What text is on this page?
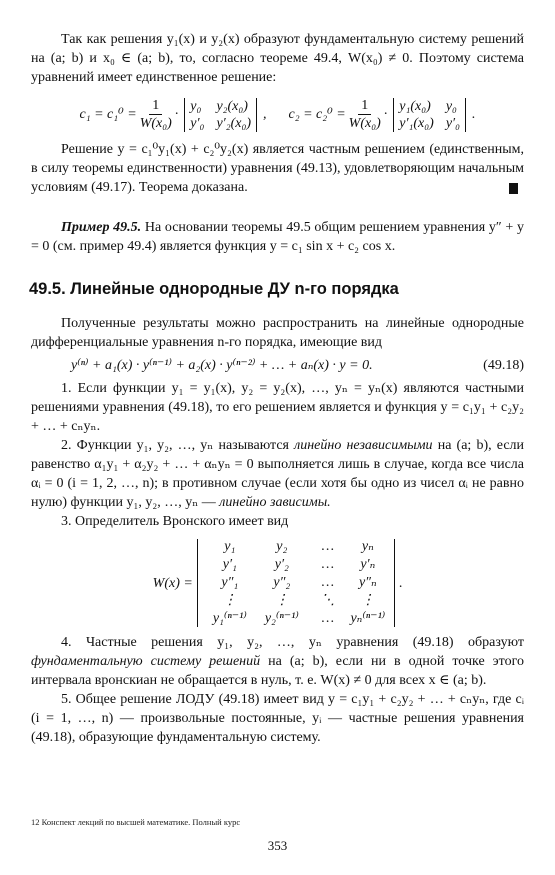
Так как решения y₁(x) и y₂(x) образуют фундаментальную систему решений на (a; b) и x₀ ∈ (a; b), то, согласно теореме 49.4, W(x₀) ≠ 0. Поэтому система уравнений имеет единственное решение:

$c_1 = c_1^0 = \frac{1}{\text{W(x₀)}}$ ·
y₀ y₂(x₀)
y′₀ y′₂(x₀)
, $c_2 = c_2^0 = \frac{1}{\text{W(x₀)}}$ ·
y₁(x₀) y₀
y′₁(x₀) y′₀
.

Решение y = c₁⁰y₁(x) + c₂⁰y₂(x) является частным решением (единственным, в силу теоремы единственности) уравнения (49.13), удовлетворяющим начальным условиям (49.17). Теорема доказана.

Пример 49.5. На основании теоремы 49.5 общим решением уравнения y″ + y = 0 (см. пример 49.4) является функция y = c₁ sin x + c₂ cos x.

49.5. Линейные однородные ДУ n-го порядка

Полученные результаты можно распространить на линейные однородные дифференциальные уравнения n-го порядка, имеющие вид

y⁽ⁿ⁾ + a₁(x) · y⁽ⁿ⁻¹⁾ + a₂(x) · y⁽ⁿ⁻²⁾ + … + aₙ(x) · y = 0.	(49.18)

1. Если функции y₁ = y₁(x), y₂ = y₂(x), …, yₙ = yₙ(x) являются частными решениями уравнения (49.18), то его решением является и функция y = c₁y₁ + c₂y₂ + … + cₙyₙ.

2. Функции y₁, y₂, …, yₙ называются линейно независимыми на (a; b), если равенство α₁y₁ + α₂y₂ + … + αₙyₙ = 0 выполняется лишь в случае, когда все числа αᵢ = 0 (i = 1, 2, …, n); в противном случае (если хотя бы одно из чисел αᵢ не равно нулю) функции y₁, y₂, …, yₙ — линейно зависимы.

3. Определитель Вронского имеет вид

W(x) =
y₁	y₂	…	yₙ
y′₁	y′₂	…	y′ₙ
y″₁	y″₂	…	y″ₙ
⋮	⋮	⋱	⋮
y₁⁽ⁿ⁻¹⁾	y₂⁽ⁿ⁻¹⁾	…	yₙ⁽ⁿ⁻¹⁾
.

4. Частные решения y₁, y₂, …, yₙ уравнения (49.18) образуют фундаментальную систему решений на (a; b), если ни в одной точке этого интервала вронскиан не обращается в нуль, т. е. W(x) ≠ 0 для всех x ∈ (a; b).

5. Общее решение ЛОДУ (49.18) имеет вид y = c₁y₁ + c₂y₂ + … + cₙyₙ, где cᵢ (i = 1, …, n) — произвольные постоянные, yᵢ — частные решения уравнения (49.18), образующие фундаментальную систему.

12 Конспект лекций по высшей математике. Полный курс
353
